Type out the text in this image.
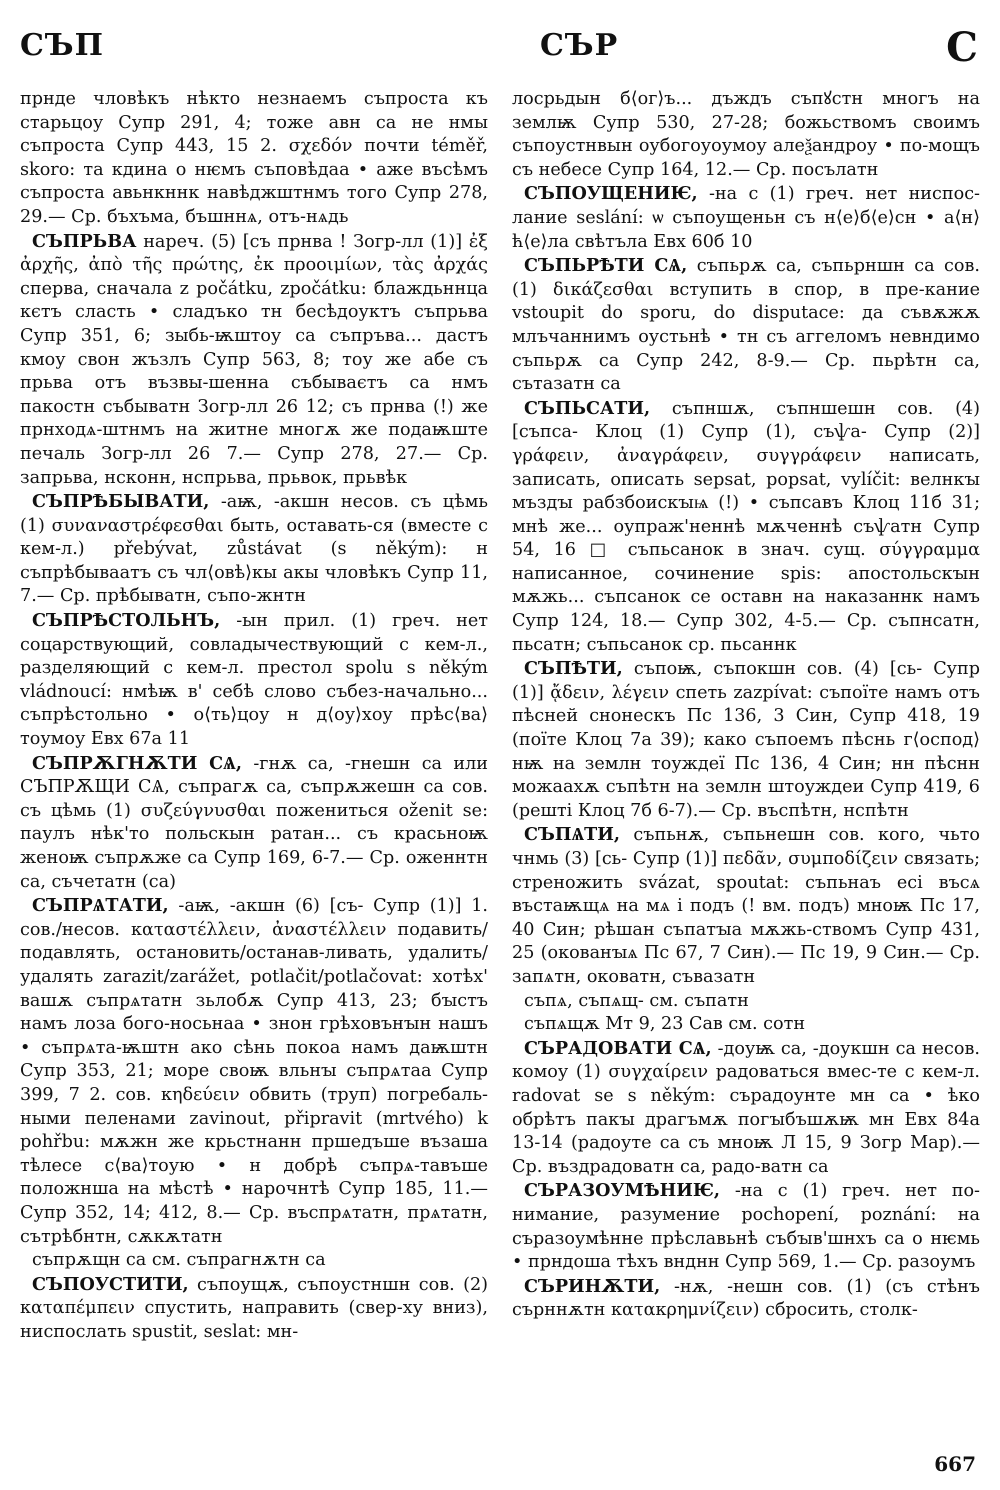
СЪП	СЪР	С

прнде чловѣкъ нѣкто незнаемъ съпроста къ старьцоу Супр 291, 4; тоже авн са не нмы съпроста Супр 443, 15 2. σχεδόν почти téměř, skoro: та кдина о нѥмъ съповѣдаа • аже въсѣмъ съпроста авьнкннк навѣджштнмъ того Супр 278, 29.— Ср. бъхъма, бъшннѧ, отъ-нѧдь

СЪПРЬВА нареч. (5) [съ прнва ! Зогр-лл (1)] ἐξ ἀρχῆς, ἀπὸ τῆς πρώτης, ἐκ προοιμίων, τὰς ἀρχάς сперва, сначала z počátku, zpočátku: блаждьннца кєтъ сласть • сладъко тн бесѣдоуктъ съпрьва Супр 351, 6; зыбь-ѭштоу са съпръва... дастъ кмоу свон жъзлъ Супр 563, 8; тоу же абе съ прьва отъ възвы-шенна събываєтъ са нмъ пакостн събыватн Зогр-лл 26 12; съ прнва (!) же прнходѧ-штнмъ на житне многѫ же подаѭште печаль Зогр-лл 26 7.— Супр 278, 27.— Ср. запрьва, нсконн, нспрьва, прьвок, прьвѣк

СЪПРѢБЫВАТИ, -аѭ, -акшн несов. съ цѣмь (1) συναναστρέφεσθαι быть, оставать-ся (вместе с кем-л.) přebývat, zůstávat (s někým): н съпрѣбываатъ съ чл⟨овѣ⟩кы акы чловѣкъ Супр 11, 7.— Ср. прѣбыватн, съпо-жнтн

СЪПРѢСТОЛЬНЪ, -ын прил. (1) греч. нет соцарствующий, совладычествующий с кем-л., разделяющий с кем-л. престол spolu s někým vládnoucí: нмѣѭ в' себѣ слово събез-начально... съпрѣстольно • о⟨ть⟩цоу н д⟨оу⟩хоу прѣс⟨ва⟩тоумоу Евх 67а 11

СЪПРѪГНѪТИ СѦ, -гнѫ са, -гнешн са или СЪПРѪЩИ СѦ, съпрагѫ са, съпрѫжешн са сов. съ цѣмь (1) συζεύγνυσθαι пожениться oženit se: паулъ нѣк'то польскын ратан... съ красьноѭ женоѭ съпрѫже са Супр 169, 6-7.— Ср. оженнтн са, съчетатн (са)

СЪПРѦТАТИ, -аѭ, -акшн (6) [съ- Супр (1)] 1. сов./несов. καταστέλλειν, ἀναστέλλειν подавить/подавлять, остановить/останав-ливать, удалить/удалять zarazit/zarážet, potlačit/potlačovat: хотѣх' вашѫ съпрѧтатн зьлобѫ Супр 413, 23; бꙑстъ намъ лоза бого-носьнаа • знон грѣховънꙑн нашъ • съпрѧта-ѭштн ако сѣнь покоа намъ даѭштн Супр 353, 21; море своѭ вльнꙑ съпрѧтаа Супр 399, 7 2. сов. κηδεύειν обвить (труп) погребаль-ными пеленами zavinout, připravit (mrtvého) k pohřbu: мѫжн же крьстнанн пршедъше възаша тѣлесе с⟨ва⟩тоую • н добрѣ съпрѧ-тавъше положнша на мѣстѣ • нарочнтѣ Супр 185, 11.— Супр 352, 14; 412, 8.— Ср. въспрѧтатн, прѧтатн, сътрѣбнтн, сѫкѫтатн

съпрѫщн са см. съпрагнѫтн са

СЪПОУСТИТИ, съпоущѫ, съпоустншн сов. (2) καταπέμπειν спустить, направить (свер-ху вниз), ниспослать spustit, seslat: мн-

лосрьдын б⟨ог⟩ъ... дъждъ съпꙋстн многъ на землѭ Супр 530, 27-28; божьствомъ своимъ съпоустнвын оубогоуоумоу алеѯандроу • по-мощъ съ небесе Супр 164, 12.— Ср. посълатн

СЪПОУЩЕНИѤ, -на с (1) греч. нет ниспос-лание seslání: ѡ съпоущеньн съ н⟨е⟩б⟨е⟩сн • а⟨н⟩ћ⟨е⟩ла свѣтъла Евх 60б 10

СЪПЬРѢТИ СѦ, съпьрѫ са, съпьрншн са сов. (1) δικάζεσθαι вступить в спор, в пре-кание vstoupit do sporu, do disputace: да съвѫжѫ млъчаннимъ оустьнѣ • тн съ аггеломъ невндимо съпьрѫ са Супр 242, 8-9.— Ср. пьрѣтн са, сътазатн са

СЪПЬСАТИ, съпншѫ, съпншешн сов. (4) [съпса- Клоц (1) Супр (1), съѱа- Супр (2)] γράφειν, ἀναγράφειν, συγγράφειν написать, записать, описать sepsat, popsat, vylíčit: велнкꙑ мъздꙑ рабзбоискꙑѩ (!) • съпсавъ Клоц 11б 31; мнѣ же... оупраж'неннѣ мѫченнѣ съѱатн Супр 54, 16 □ съпьсанок в знач. сущ. σύγγραμμα написанное, сочинение spis: апостольскꙑн мѫжь... съпсанок се оставн на наказаннк намъ Супр 124, 18.— Супр 302, 4-5.— Ср. съпнсатн, пьсатн; съпьсанок ср. пьсаннк

СЪПѢТИ, съпоѭ, съпокшн сов. (4) [сь- Супр (1)] ᾄδειν, λέγειν спеть zazpívat: съпоїте намъ отъ пѣсней снонескъ Пс 136, 3 Син, Супр 418, 19 (поїте Клоц 7а 39); како съпоемъ пѣснь г⟨оспод⟩нѭ на землн тоуждеї Пс 136, 4 Син; нн пѣснн можаахѫ съпѣтн на землн штоуждеи Супр 419, 6 (решті Клоц 7б 6-7).— Ср. въспѣтн, нспѣтн

СЪПѦТИ, съпьнѫ, съпьнешн сов. кого, чьто чнмь (3) [сь- Супр (1)] πεδᾶν, συμποδίζειν связать; стреножить svázat, spoutat: съпьнаъ есі въсѧ въстаѭщѧ на мѧ і подъ (! вм. подъ) мноѭ Пс 17, 40 Син; рѣшан съпатꙑа мѫжь-ствомъ Супр 431, 25 (окованꙑѧ Пс 67, 7 Син).— Пс 19, 9 Син.— Ср. запѧтн, оковатн, съвазатн

съпѧ, съпѧщ- см. съпатн

съпѧщѫ Мт 9, 23 Сав см. сотн

СЪРАДОВАТИ СѦ, -доуѭ са, -доукшн са несов. комоу (1) συγχαίρειν радоваться вмес-те с кем-л. radovat se s někým: сърадоунте мн са • ѣко обрѣтъ пакꙑ драгъмѫ погꙑбъшѫѭ мн Евх 84а 13-14 (радоуте са съ мноѭ Л 15, 9 Зогр Мар).— Ср. въздрадоватн са, радо-ватн са

СЪРАЗОУМѢНИѤ, -на с (1) греч. нет по-нимание, разумение pochopení, poznání: на сърaзоумѣнне прѣславьнѣ събꙑв'шнхъ са о нѥмь • прндоша тѣхъ внднн Супр 569, 1.— Ср. разоумъ

СЪРИНѪТИ, -нѫ, -нешн сов. (1) (съ стѣнъ сърннѫтн κατακρημνίζειν) сбросить, столк-

667
